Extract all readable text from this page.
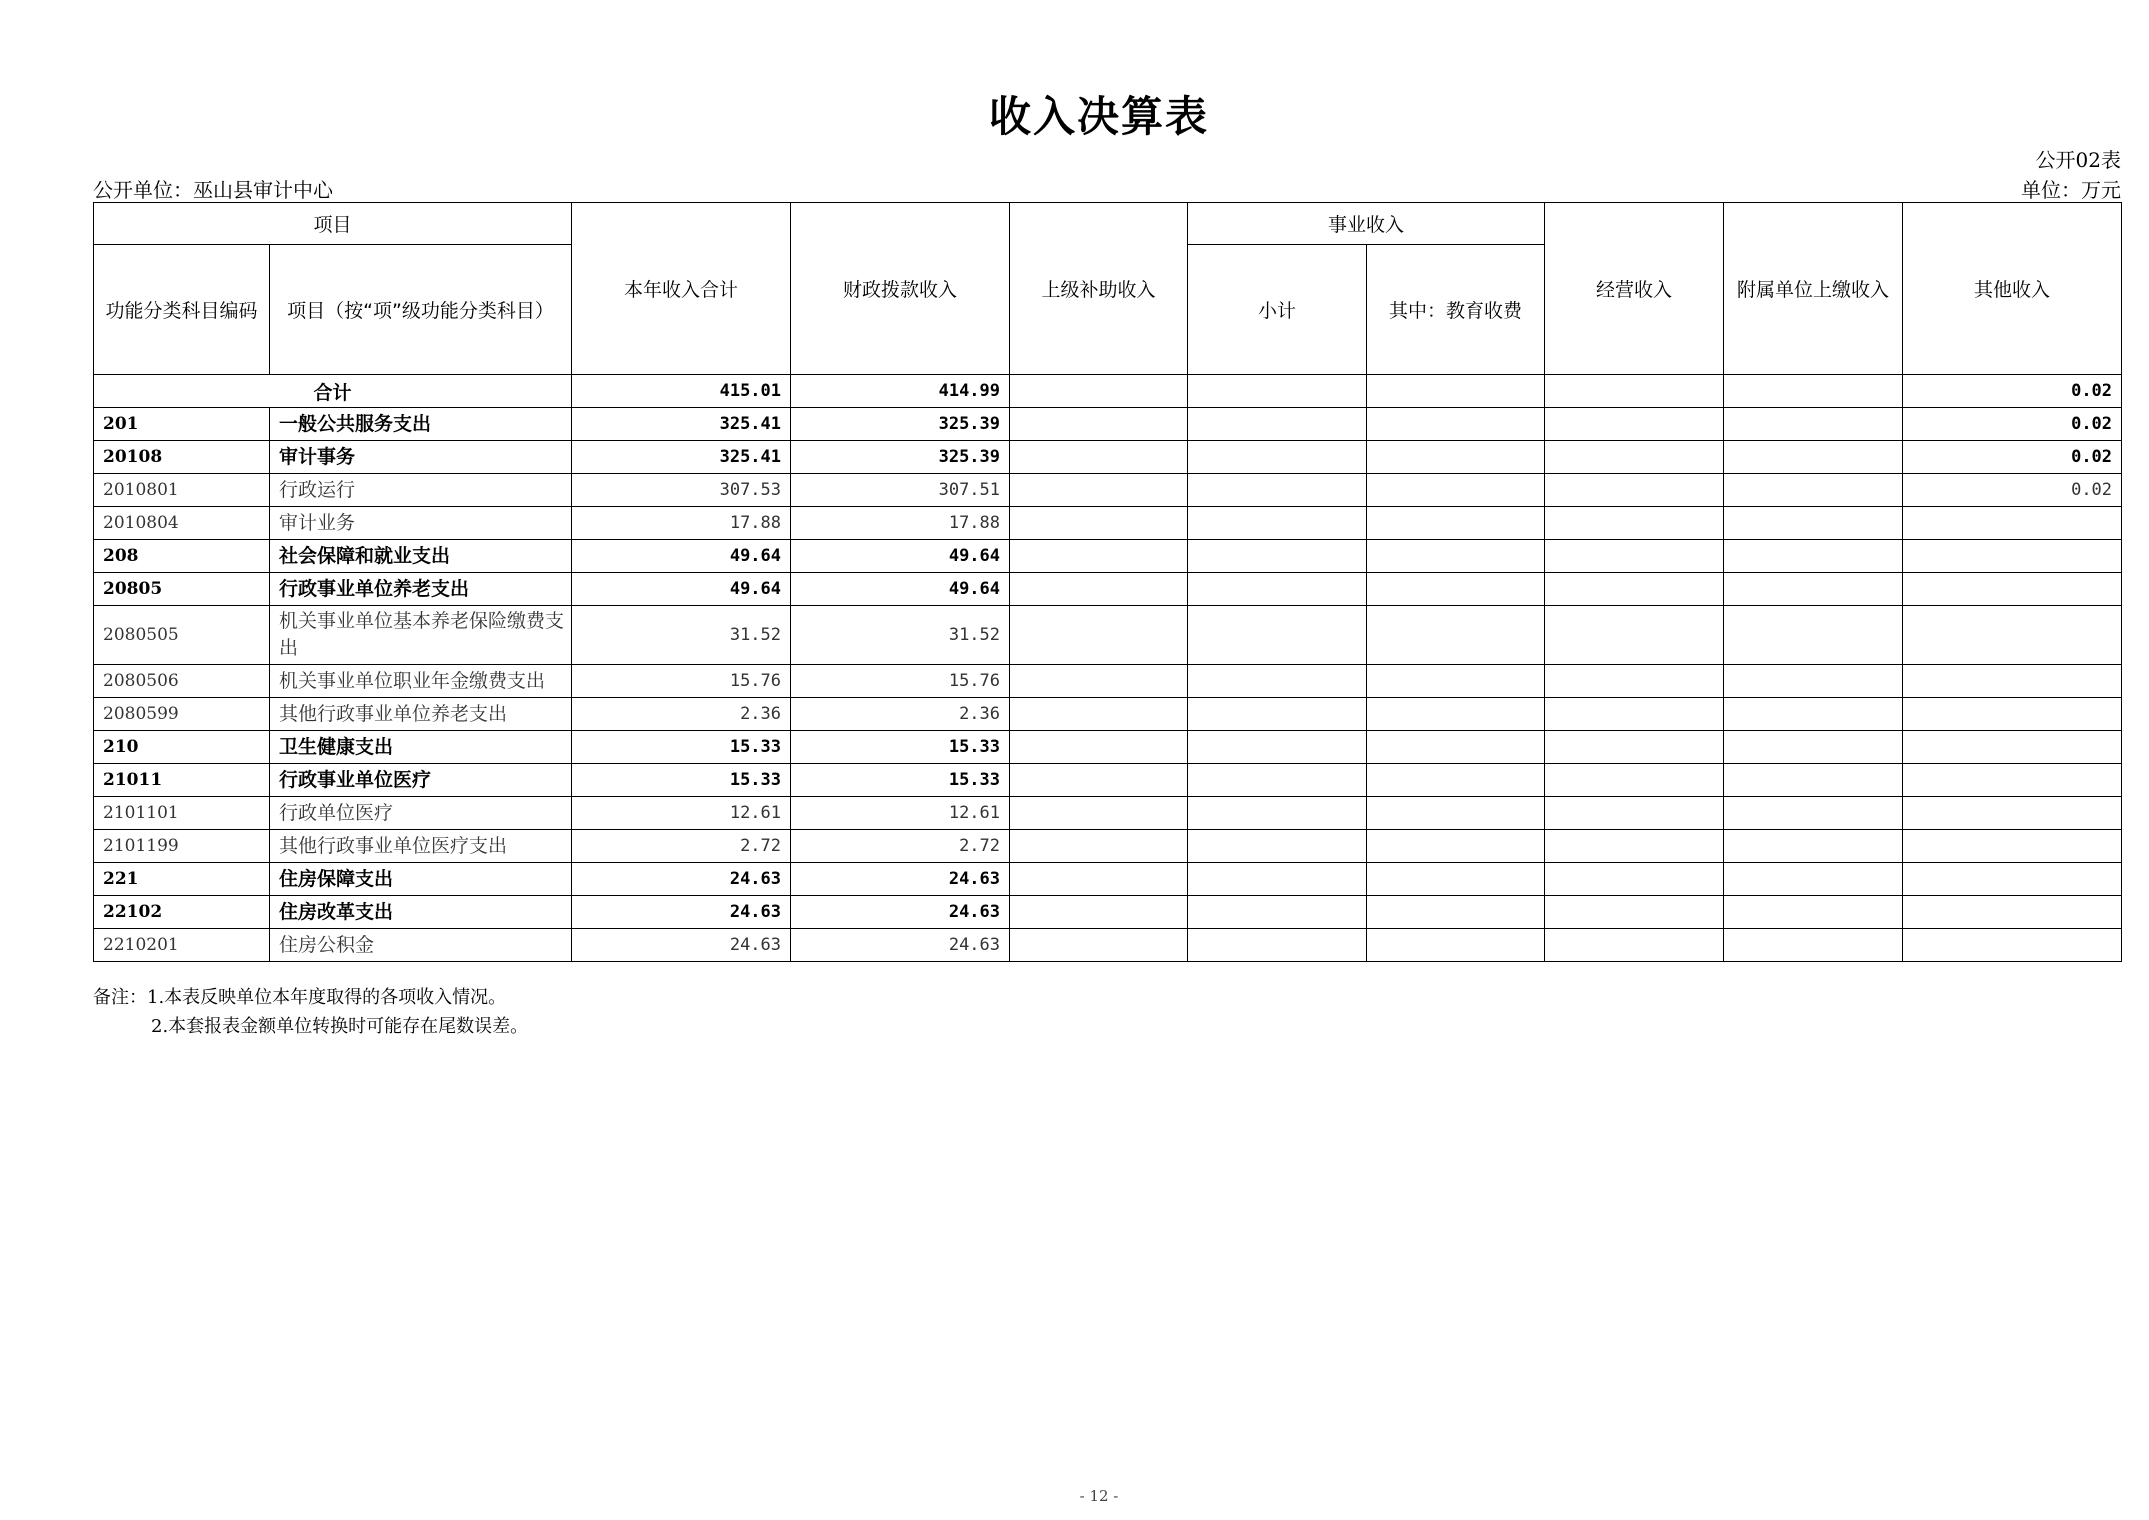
收入决算表
公开02表
公开单位：巫山县审计中心	单位：万元
项目		本年收入合计	财政拨款收入	上级补助收入	事业收入		经营收入	附属单位上缴收入	其他收入
功能分类科目编码	项目（按“项”级功能分类科目）				小计	其中：教育收费			
合计		415.01	414.99						0.02
201	一般公共服务支出	325.41	325.39						0.02
20108	审计事务	325.41	325.39						0.02
2010801	行政运行	307.53	307.51						0.02
2010804	审计业务	17.88	17.88						
208	社会保障和就业支出	49.64	49.64						
20805	行政事业单位养老支出	49.64	49.64						
2080505	机关事业单位基本养老保险缴费支出	31.52	31.52						
2080506	机关事业单位职业年金缴费支出	15.76	15.76						
2080599	其他行政事业单位养老支出	2.36	2.36						
210	卫生健康支出	15.33	15.33						
21011	行政事业单位医疗	15.33	15.33						
2101101	行政单位医疗	12.61	12.61						
2101199	其他行政事业单位医疗支出	2.72	2.72						
221	住房保障支出	24.63	24.63						
22102	住房改革支出	24.63	24.63						
2210201	住房公积金	24.63	24.63						
备注：1.本表反映单位本年度取得的各项收入情况。
2.本套报表金额单位转换时可能存在尾数误差。
- 12 -
